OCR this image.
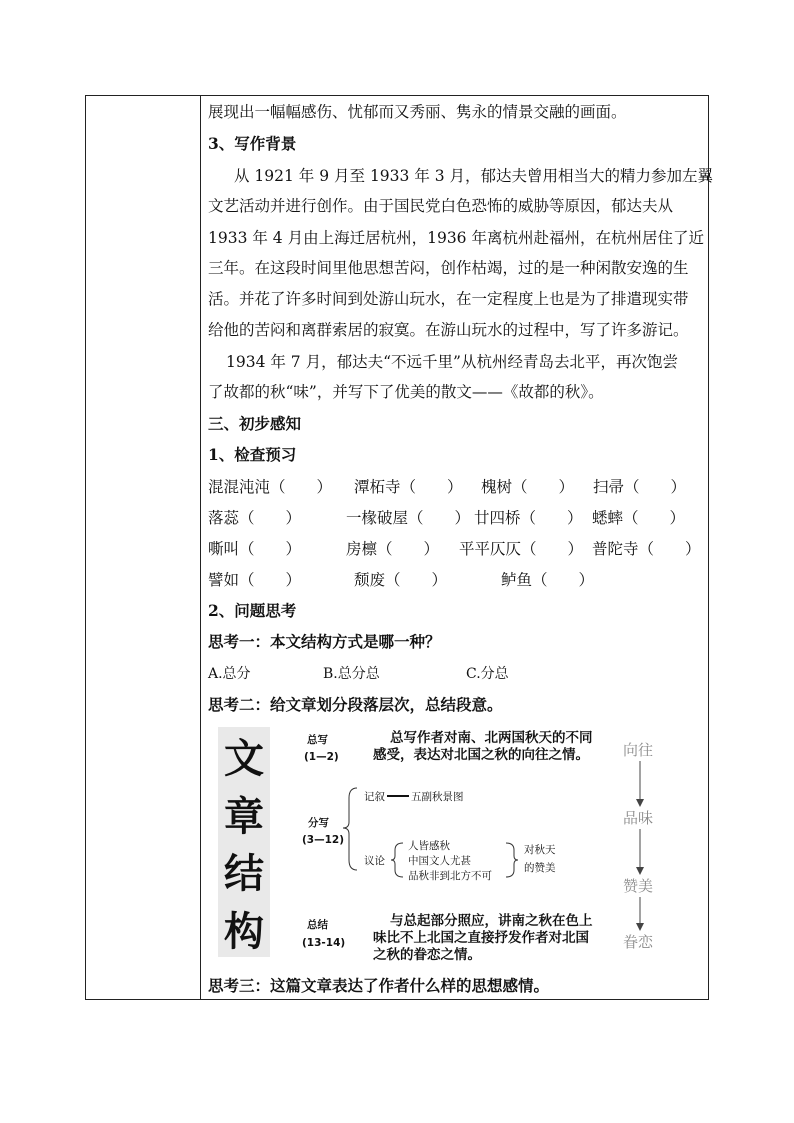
展现出一幅幅感伤、忧郁而又秀丽、隽永的情景交融的画面。
3、写作背景
从 1921 年 9 月至 1933 年 3 月，郁达夫曾用相当大的精力参加左翼
文艺活动并进行创作。由于国民党白色恐怖的威胁等原因，郁达夫从
1933 年 4 月由上海迁居杭州，1936 年离杭州赴福州，在杭州居住了近
三年。在这段时间里他思想苦闷，创作枯竭，过的是一种闲散安逸的生
活。并花了许多时间到处游山玩水，在一定程度上也是为了排遣现实带
给他的苦闷和离群索居的寂寞。在游山玩水的过程中，写了许多游记。
1934 年 7 月，郁达夫“不远千里”从杭州经青岛去北平，再次饱尝
了故都的秋“味”，并写下了优美的散文——《故都的秋》。
三、初步感知
1、检查预习
混混沌沌（　　） 潭柘寺（　　） 槐树（　　） 扫帚（　　）
落蕊（　　）	一椽破屋（　　） 廿四桥（　　） 蟋蟀（　　）
嘶叫（　　）	房檩（　　） 平平仄仄（　　） 普陀寺（　　）
譬如（　　）	颓废（　　）	鲈鱼（　　）
2、问题思考
思考一：本文结构方式是哪一种？
A.总分	B.总分总	C.分总
思考二：给文章划分段落层次，总结段意。
思考三：这篇文章表达了作者什么样的思想感情。
文
章
结
构
总写
(1—2)
总写作者对南、北两国秋天的不同感受，表达对北国之秋的向往之情。
分写
(3—12)
记叙 五副秋景图
议论
人皆感秋
中国文人尤甚
品秋非到北方不可
对秋天
的赞美
总结
(13-14)
与总起部分照应，讲南之秋在色上味比不上北国之直接抒发作者对北国之秋的眷恋之情。
向往
品味
赞美
眷恋
